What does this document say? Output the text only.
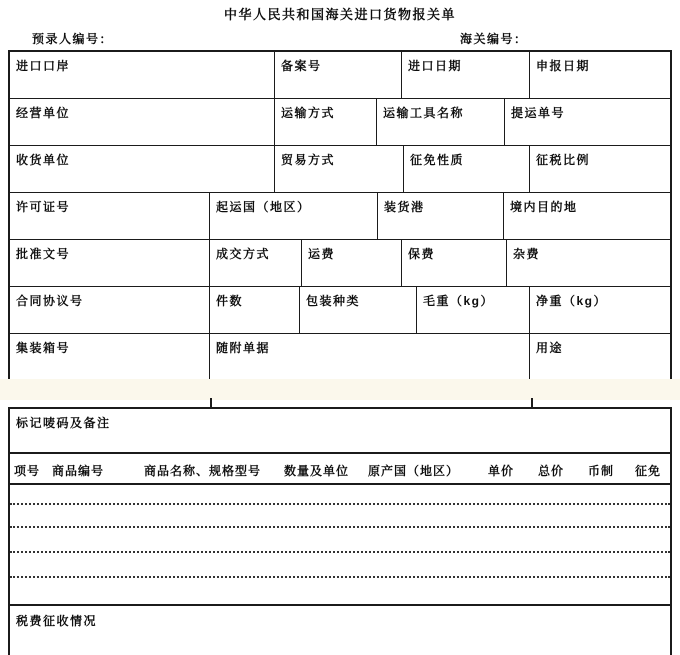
中华人民共和国海关进口货物报关单
预录人编号：	海关编号：
进口口岸	备案号	进口日期	申报日期
经营单位	运输方式	运输工具名称	提运单号
收货单位	贸易方式	征免性质	征税比例
许可证号	起运国（地区）	装货港	境内目的地
批准文号	成交方式	运费	保费	杂费
合同协议号	件数	包装种类	毛重（kg）	净重（kg）
集装箱号	随附单据	用途
标记唛码及备注
项号 商品编号	商品名称、规格型号 数量及单位 原产国（地区） 单价 总价 币制 征免
税费征收情况
